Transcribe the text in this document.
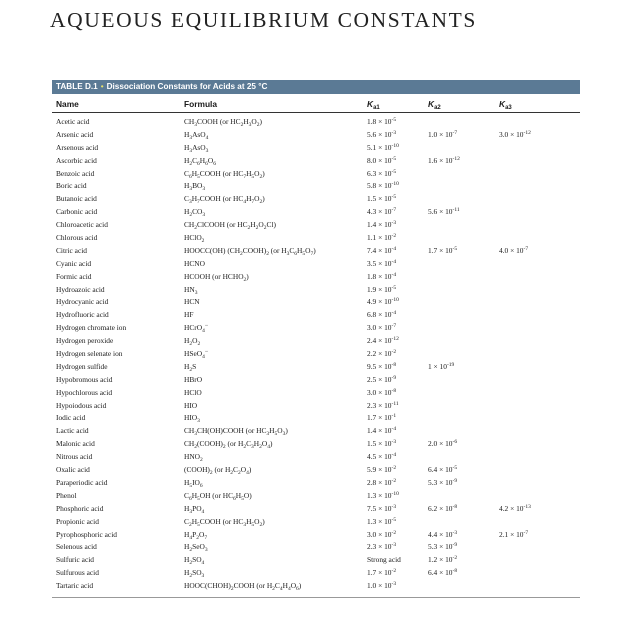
AQUEOUS EQUILIBRIUM CONSTANTS
TABLE D.1 • Dissociation Constants for Acids at 25 °C
Name	Formula	$K_{a1}$	$K_{a2}$	$K_{a3}$
Acetic acid	$CH_3COOH$ (or $HC_2H_3O_2$)	$1.8 \times 10^{-5}$
Arsenic acid	$H_3AsO_4$	$5.6 \times 10^{-3}$	$1.0 \times 10^{-7}$	$3.0 \times 10^{-12}$
Arsenous acid	$H_3AsO_3$	$5.1 \times 10^{-10}$
Ascorbic acid	$H_2C_6H_6O_6$	$8.0 \times 10^{-5}$	$1.6 \times 10^{-12}$
Benzoic acid	$C_6H_5COOH$ (or $HC_7H_5O_2$)	$6.3 \times 10^{-5}$
Boric acid	$H_3BO_3$	$5.8 \times 10^{-10}$
Butanoic acid	$C_3H_7COOH$ (or $HC_4H_7O_2$)	$1.5 \times 10^{-5}$
Carbonic acid	$H_2CO_3$	$4.3 \times 10^{-7}$	$5.6 \times 10^{-11}$
Chloroacetic acid	$CH_2ClCOOH$ (or $HC_2H_2O_2Cl$)	$1.4 \times 10^{-3}$
Chlorous acid	HClO$_2$	$1.1 \times 10^{-2}$
Citric acid	HOOCC(OH) $(CH_2COOH)_2$ (or $H_3C_6H_5O_7$)	$7.4 \times 10^{-4}$	$1.7 \times 10^{-5}$	$4.0 \times 10^{-7}$
Cyanic acid	HCNO	$3.5 \times 10^{-4}$
Formic acid	HCOOH (or $HCHO_2$)	$1.8 \times 10^{-4}$
Hydroazoic acid	$HN_3$	$1.9 \times 10^{-5}$
Hydrocyanic acid	HCN	$4.9 \times 10^{-10}$
Hydrofluoric acid	HF	$6.8 \times 10^{-4}$
Hydrogen chromate ion	HCrO$_4$−	$3.0 \times 10^{-7}$
Hydrogen peroxide	$H_2O_2$	$2.4 \times 10^{-12}$
Hydrogen selenate ion	HSeO$_4$−	$2.2 \times 10^{-2}$
Hydrogen sulfide	$H_2S$	$9.5 \times 10^{-8}$	$1 \times 10^{-19}$
Hypobromous acid	HBrO	$2.5 \times 10^{-9}$
Hypochlorous acid	HClO	$3.0 \times 10^{-8}$
Hypoiodous acid	HIO	$2.3 \times 10^{-11}$
Iodic acid	$HIO_3$	$1.7 \times 10^{-1}$
Lactic acid	$CH_3CH(OH)COOH$ (or $HC_3H_5O_3$)	$1.4 \times 10^{-4}$
Malonic acid	$CH_2(COOH)_2$ (or $H_2C_3H_2O_4$)	$1.5 \times 10^{-3}$	$2.0 \times 10^{-6}$
Nitrous acid	$HNO_2$	$4.5 \times 10^{-4}$
Oxalic acid	$(COOH)_2$ (or $H_2C_2O_4$)	$5.9 \times 10^{-2}$	$6.4 \times 10^{-5}$
Paraperiodic acid	$H_5IO_6$	$2.8 \times 10^{-2}$	$5.3 \times 10^{-9}$
Phenol	$C_6H_5OH$ (or $HC_6H_5O$)	$1.3 \times 10^{-10}$
Phosphoric acid	$H_3PO_4$	$7.5 \times 10^{-3}$	$6.2 \times 10^{-8}$	$4.2 \times 10^{-13}$
Propionic acid	$C_2H_5COOH$ (or $HC_3H_5O_2$)	$1.3 \times 10^{-5}$
Pyrophosphoric acid	$H_4P_2O_7$	$3.0 \times 10^{-2}$	$4.4 \times 10^{-3}$	$2.1 \times 10^{-7}$
Selenous acid	$H_2SeO_3$	$2.3 \times 10^{-3}$	$5.3 \times 10^{-9}$
Sulfuric acid	$H_2SO_4$	Strong acid	$1.2 \times 10^{-2}$
Sulfurous acid	$H_2SO_3$	$1.7 \times 10^{-2}$	$6.4 \times 10^{-8}$
Tartaric acid	$HOOC(CHOH)_2COOH$ (or $H_2C_4H_4O_6$)	$1.0 \times 10^{-3}$
